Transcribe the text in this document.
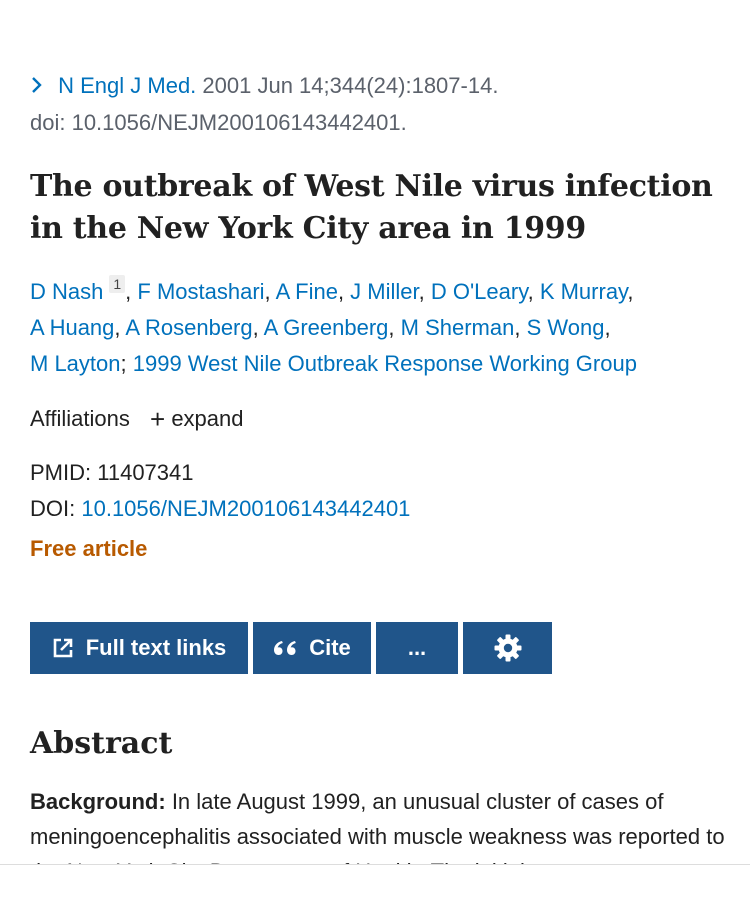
N Engl J Med. 2001 Jun 14;344(24):1807-14.
doi: 10.1056/NEJM200106143442401.
The outbreak of West Nile virus infection in the New York City area in 1999
D Nash 1 , F Mostashari, A Fine, J Miller, D O'Leary, K Murray,
A Huang, A Rosenberg, A Greenberg, M Sherman, S Wong,
M Layton; 1999 West Nile Outbreak Response Working Group
Affiliations + expand
PMID: 11407341
DOI: 10.1056/NEJM200106143442401
Free article
Full text links	Cite	...
Abstract

Background: In late August 1999, an unusual cluster of cases of meningoencephalitis associated with muscle weakness was reported to
